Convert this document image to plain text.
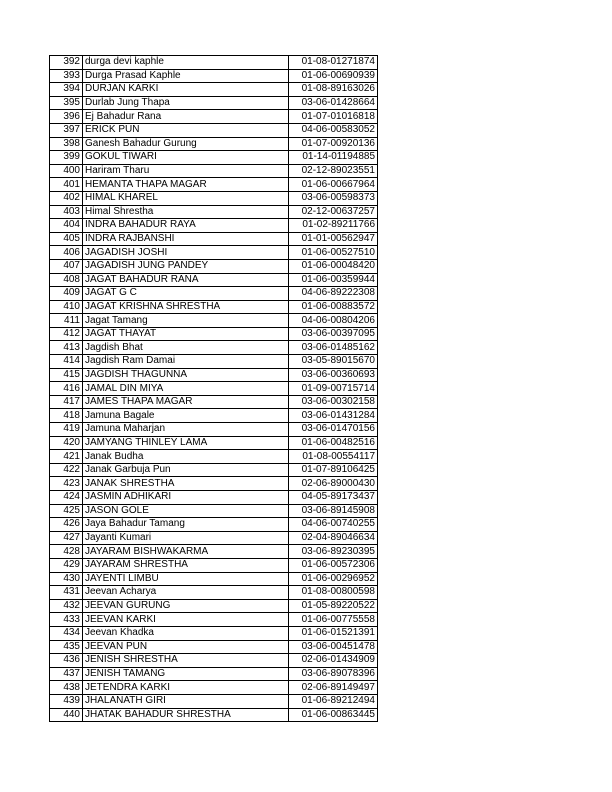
392	durga devi kaphle	01-08-01271874
393	Durga Prasad Kaphle	01-06-00690939
394	DURJAN KARKI	01-08-89163026
395	Durlab Jung Thapa	03-06-01428664
396	Ej Bahadur Rana	01-07-01016818
397	ERICK PUN	04-06-00583052
398	Ganesh Bahadur Gurung	01-07-00920136
399	GOKUL TIWARI	01-14-01194885
400	Hariram Tharu	02-12-89023551
401	HEMANTA THAPA MAGAR	01-06-00667964
402	HIMAL KHAREL	03-06-00598373
403	Himal Shrestha	02-12-00637257
404	INDRA BAHADUR RAYA	01-02-89211766
405	INDRA RAJBANSHI	01-01-00562947
406	JAGADISH JOSHI	01-06-00527510
407	JAGADISH JUNG PANDEY	01-06-00048420
408	JAGAT BAHADUR RANA	01-06-00359944
409	JAGAT G C	04-06-89222308
410	JAGAT KRISHNA SHRESTHA	01-06-00883572
411	Jagat Tamang	04-06-00804206
412	JAGAT THAYAT	03-06-00397095
413	Jagdish Bhat	03-06-01485162
414	Jagdish Ram Damai	03-05-89015670
415	JAGDISH THAGUNNA	03-06-00360693
416	JAMAL DIN MIYA	01-09-00715714
417	JAMES THAPA MAGAR	03-06-00302158
418	Jamuna Bagale	03-06-01431284
419	Jamuna Maharjan	03-06-01470156
420	JAMYANG THINLEY LAMA	01-06-00482516
421	Janak Budha	01-08-00554117
422	Janak Garbuja Pun	01-07-89106425
423	JANAK SHRESTHA	02-06-89000430
424	JASMIN ADHIKARI	04-05-89173437
425	JASON GOLE	03-06-89145908
426	Jaya Bahadur Tamang	04-06-00740255
427	Jayanti Kumari	02-04-89046634
428	JAYARAM BISHWAKARMA	03-06-89230395
429	JAYARAM SHRESTHA	01-06-00572306
430	JAYENTI LIMBU	01-06-00296952
431	Jeevan Acharya	01-08-00800598
432	JEEVAN GURUNG	01-05-89220522
433	JEEVAN KARKI	01-06-00775558
434	Jeevan Khadka	01-06-01521391
435	JEEVAN PUN	03-06-00451478
436	JENISH SHRESTHA	02-06-01434909
437	JENISH TAMANG	03-06-89078396
438	JETENDRA KARKI	02-06-89149497
439	JHALANATH GIRI	01-06-89212494
440	JHATAK BAHADUR SHRESTHA	01-06-00863445
